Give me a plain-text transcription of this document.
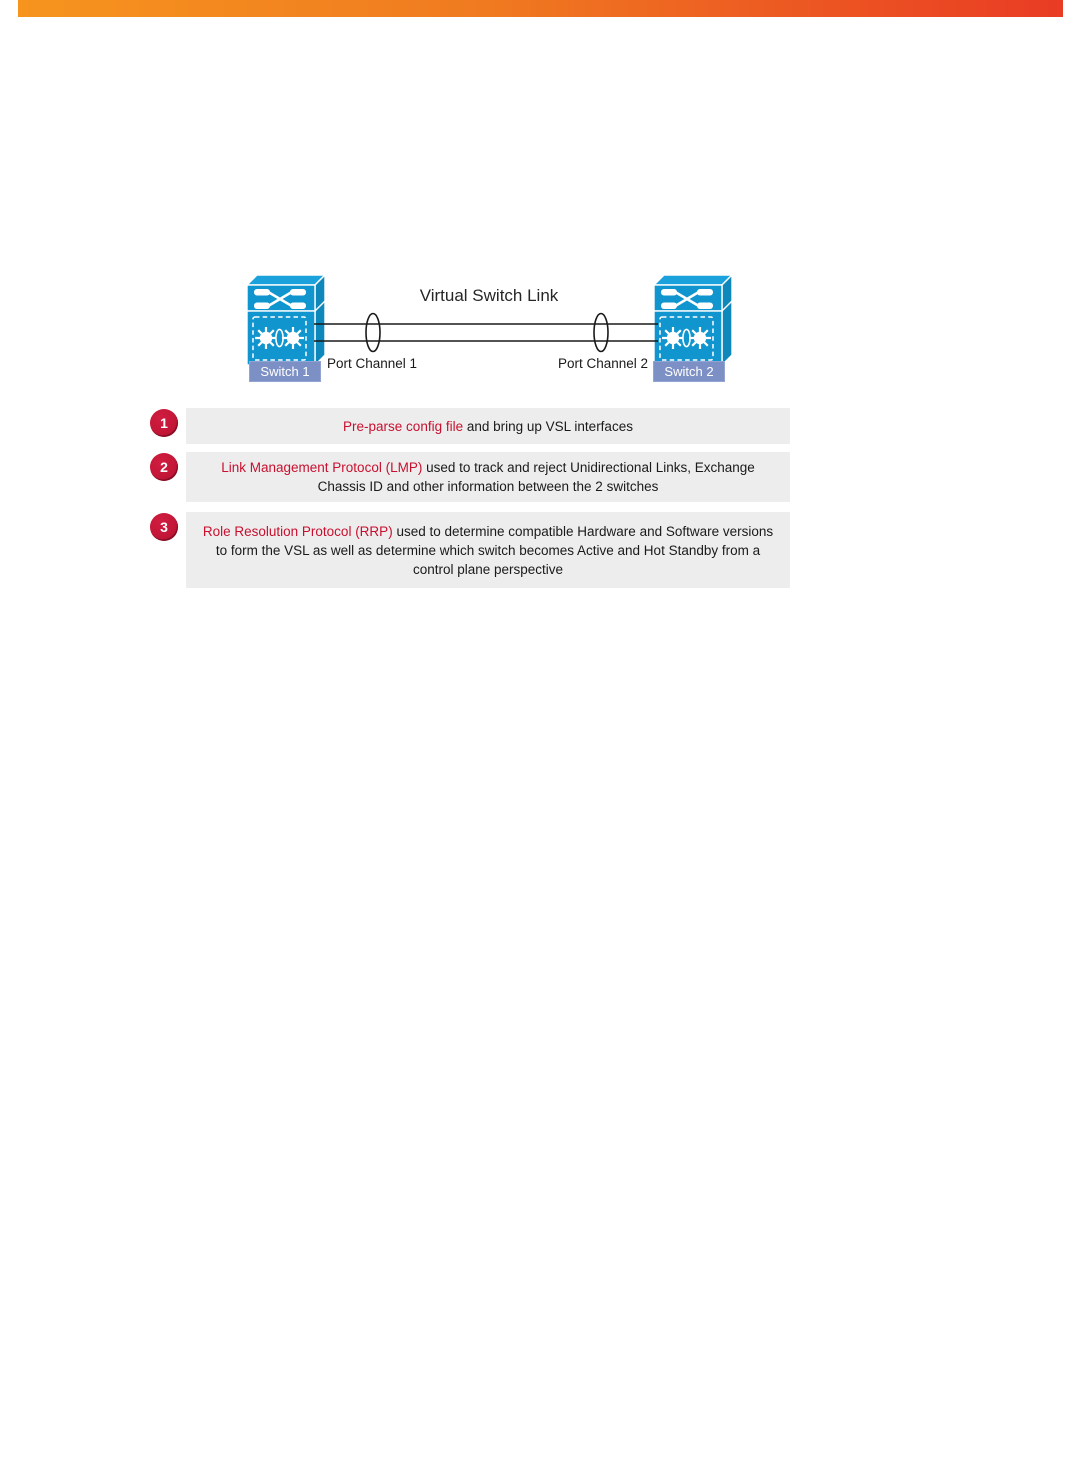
Virtual Switch Link
Port Channel 1	Port Channel 2
Switch 1	Switch 2
1	Pre-parse config file and bring up VSL interfaces
2	Link Management Protocol (LMP) used to track and reject Unidirectional Links, Exchange Chassis ID and other information between the 2 switches
3	Role Resolution Protocol (RRP) used to determine compatible Hardware and Software versions to form the VSL as well as determine which switch becomes Active and Hot Standby from a control plane perspective
